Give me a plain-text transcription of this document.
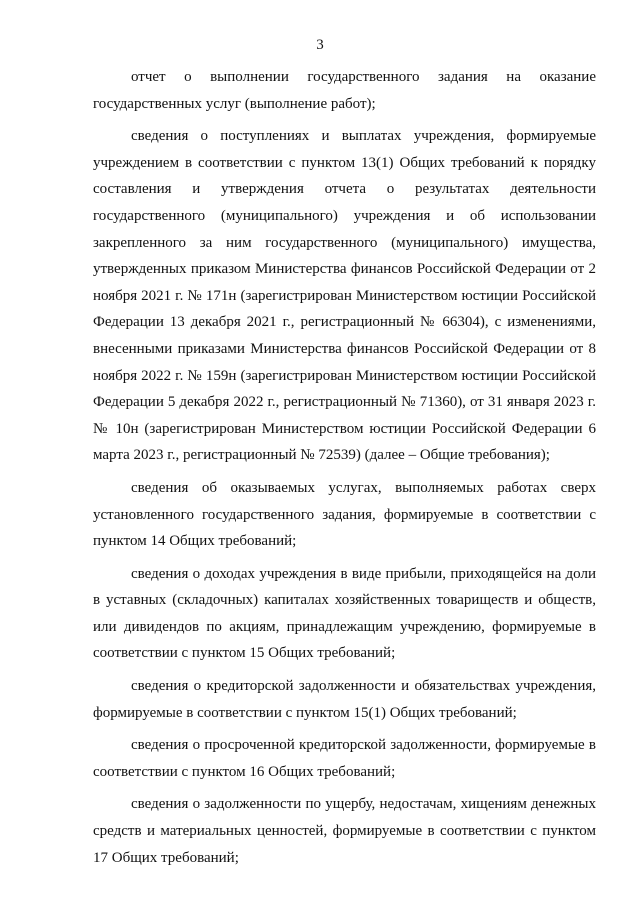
3

отчет о выполнении государственного задания на оказание государственных услуг (выполнение работ);

сведения о поступлениях и выплатах учреждения, формируемые учреждением в соответствии с пунктом 13(1) Общих требований к порядку составления и утверждения отчета о результатах деятельности государственного (муниципального) учреждения и об использовании закрепленного за ним государственного (муниципального) имущества, утвержденных приказом Министерства финансов Российской Федерации от 2 ноября 2021 г. № 171н (зарегистрирован Министерством юстиции Российской Федерации 13 декабря 2021 г., регистрационный № 66304), с изменениями, внесенными приказами Министерства финансов Российской Федерации от 8 ноября 2022 г. № 159н (зарегистрирован Министерством юстиции Российской Федерации 5 декабря 2022 г., регистрационный № 71360), от 31 января 2023 г. № 10н (зарегистрирован Министерством юстиции Российской Федерации 6 марта 2023 г., регистрационный № 72539) (далее – Общие требования);

сведения об оказываемых услугах, выполняемых работах сверх установленного государственного задания, формируемые в соответствии с пунктом 14 Общих требований;

сведения о доходах учреждения в виде прибыли, приходящейся на доли в уставных (складочных) капиталах хозяйственных товариществ и обществ, или дивидендов по акциям, принадлежащим учреждению, формируемые в соответствии с пунктом 15 Общих требований;

сведения о кредиторской задолженности и обязательствах учреждения, формируемые в соответствии с пунктом 15(1) Общих требований;

сведения о просроченной кредиторской задолженности, формируемые в соответствии с пунктом 16 Общих требований;

сведения о задолженности по ущербу, недостачам, хищениям денежных средств и материальных ценностей, формируемые в соответствии с пунктом 17 Общих требований;
